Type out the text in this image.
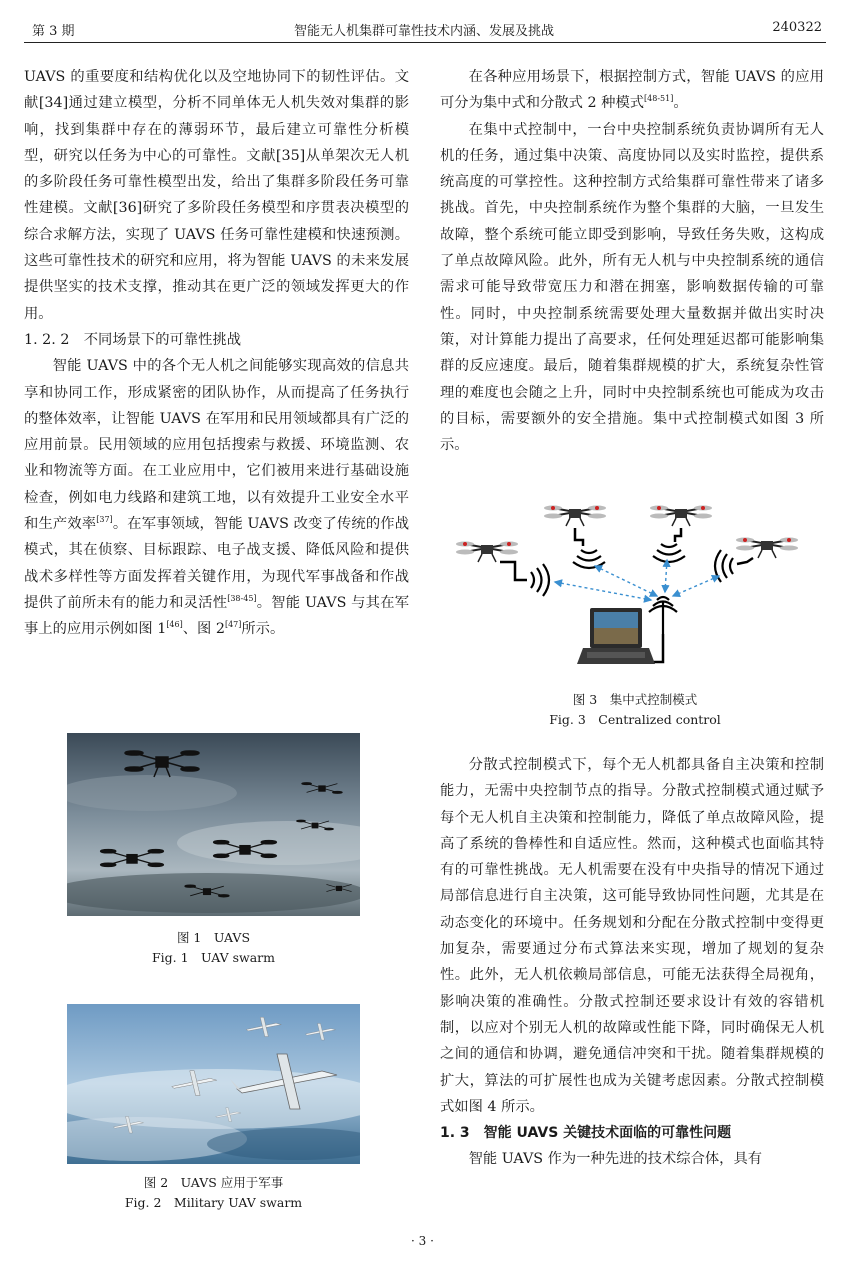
第 3 期	智能无人机集群可靠性技术内涵、发展及挑战	240322

UAVS 的重要度和结构优化以及空地协同下的韧性评估。文献[34]通过建立模型，分析不同单体无人机失效对集群的影响，找到集群中存在的薄弱环节，最后建立可靠性分析模型，研究以任务为中心的可靠性。文献[35]从单架次无人机的多阶段任务可靠性模型出发，给出了集群多阶段任务可靠性建模。文献[36]研究了多阶段任务模型和序贯表决模型的综合求解方法，实现了 UAVS 任务可靠性建模和快速预测。这些可靠性技术的研究和应用，将为智能 UAVS 的未来发展提供坚实的技术支撑，推动其在更广泛的领域发挥更大的作用。

1. 2. 2　不同场景下的可靠性挑战

智能 UAVS 中的各个无人机之间能够实现高效的信息共享和协同工作，形成紧密的团队协作，从而提高了任务执行的整体效率，让智能 UAVS 在军用和民用领域都具有广泛的应用前景。民用领域的应用包括搜索与救援、环境监测、农业和物流等方面。在工业应用中，它们被用来进行基础设施检查，例如电力线路和建筑工地，以有效提升工业安全水平和生产效率[37]。在军事领域，智能 UAVS 改变了传统的作战模式，其在侦察、目标跟踪、电子战支援、降低风险和提供战术多样性等方面发挥着关键作用，为现代军事战备和作战提供了前所未有的能力和灵活性[38-45]。智能 UAVS 与其在军事上的应用示例如图 1[46]、图 2[47]所示。

图 1　UAVS
Fig. 1　UAV swarm
图 2　UAVS 应用于军事
Fig. 2　Military UAV swarm

在各种应用场景下，根据控制方式，智能 UAVS 的应用可分为集中式和分散式 2 种模式[48-51]。

在集中式控制中，一台中央控制系统负责协调所有无人机的任务，通过集中决策、高度协同以及实时监控，提供系统高度的可掌控性。这种控制方式给集群可靠性带来了诸多挑战。首先，中央控制系统作为整个集群的大脑，一旦发生故障，整个系统可能立即受到影响，导致任务失败，这构成了单点故障风险。此外，所有无人机与中央控制系统的通信需求可能导致带宽压力和潜在拥塞，影响数据传输的可靠性。同时，中央控制系统需要处理大量数据并做出实时决策，对计算能力提出了高要求，任何处理延迟都可能影响集群的反应速度。最后，随着集群规模的扩大，系统复杂性管理的难度也会随之上升，同时中央控制系统也可能成为攻击的目标，需要额外的安全措施。集中式控制模式如图 3 所示。

图 3　集中式控制模式
Fig. 3　Centralized control

分散式控制模式下，每个无人机都具备自主决策和控制能力，无需中央控制节点的指导。分散式控制模式通过赋予每个无人机自主决策和控制能力，降低了单点故障风险，提高了系统的鲁棒性和自适应性。然而，这种模式也面临其特有的可靠性挑战。无人机需要在没有中央指导的情况下通过局部信息进行自主决策，这可能导致协同性问题，尤其是在动态变化的环境中。任务规划和分配在分散式控制中变得更加复杂，需要通过分布式算法来实现，增加了规划的复杂性。此外，无人机依赖局部信息，可能无法获得全局视角，影响决策的准确性。分散式控制还要求设计有效的容错机制，以应对个别无人机的故障或性能下降，同时确保无人机之间的通信和协调，避免通信冲突和干扰。随着集群规模的扩大，算法的可扩展性也成为关键考虑因素。分散式控制模式如图 4 所示。

1. 3　智能 UAVS 关键技术面临的可靠性问题

智能 UAVS 作为一种先进的技术综合体，具有

· 3 ·
